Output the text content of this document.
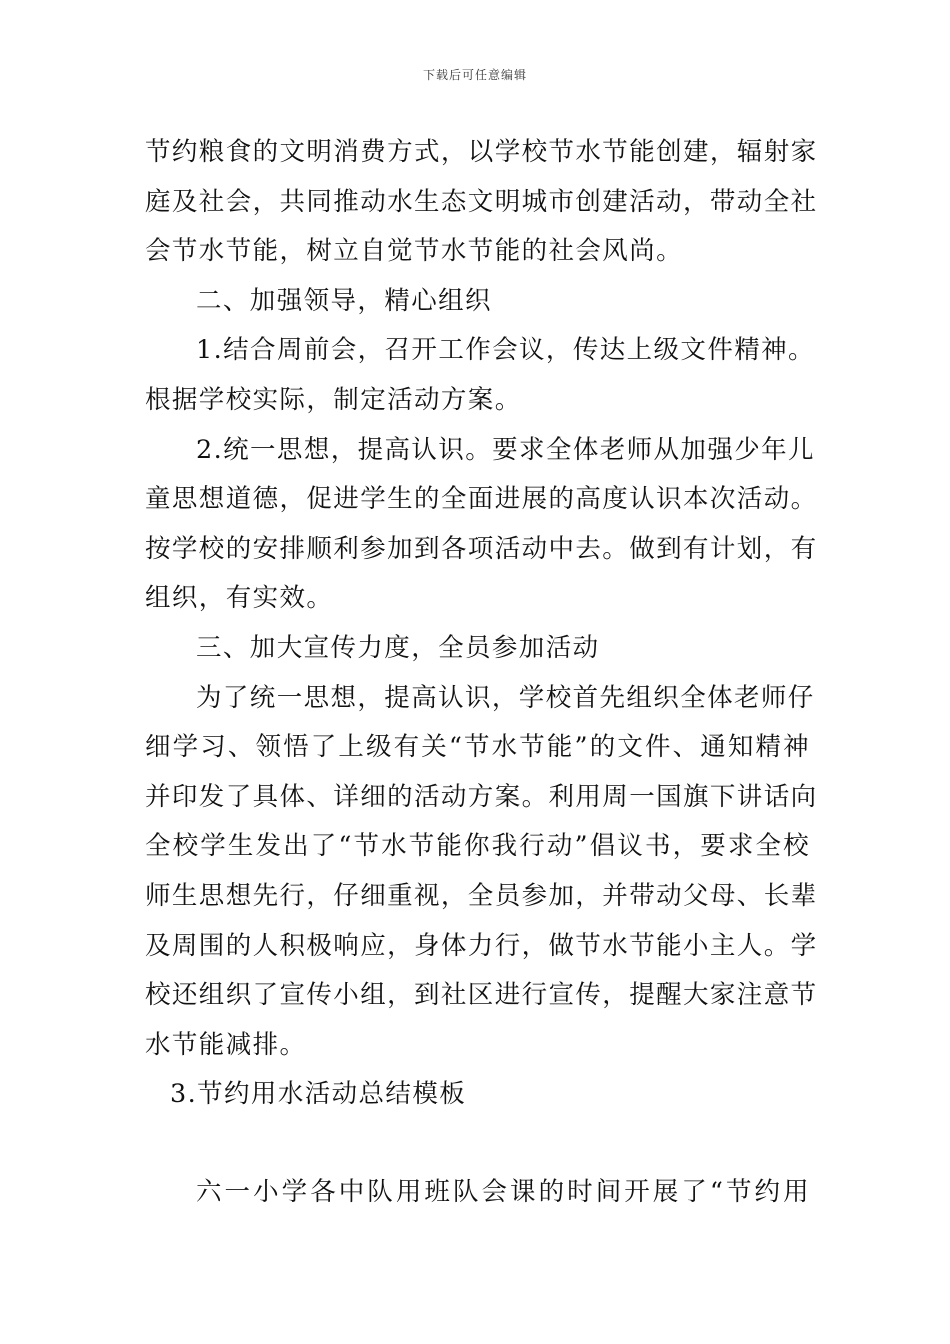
下载后可任意编辑
节约粮食的文明消费方式，以学校节水节能创建，辐射家
庭及社会，共同推动水生态文明城市创建活动，带动全社
会节水节能，树立自觉节水节能的社会风尚。
二、加强领导，精心组织
1.结合周前会，召开工作会议，传达上级文件精神。
根据学校实际，制定活动方案。
2.统一思想，提高认识。要求全体老师从加强少年儿
童思想道德，促进学生的全面进展的高度认识本次活动。
按学校的安排顺利参加到各项活动中去。做到有计划，有
组织，有实效。
三、加大宣传力度，全员参加活动
为了统一思想，提高认识，学校首先组织全体老师仔
细学习、领悟了上级有关“节水节能”的文件、通知精神
并印发了具体、详细的活动方案。利用周一国旗下讲话向
全校学生发出了“节水节能你我行动”倡议书，要求全校
师生思想先行，仔细重视，全员参加，并带动父母、长辈
及周围的人积极响应，身体力行，做节水节能小主人。学
校还组织了宣传小组，到社区进行宣传，提醒大家注意节
水节能减排。
3.节约用水活动总结模板
六一小学各中队用班队会课的时间开展了“节约用
